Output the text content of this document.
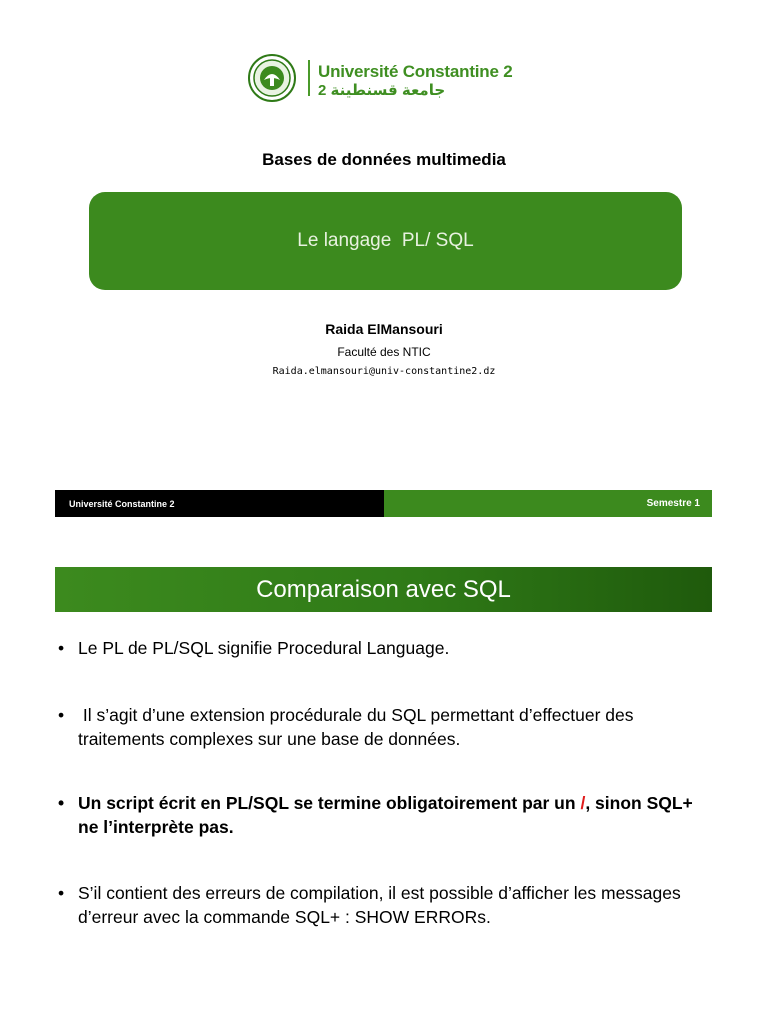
Université Constantine 2
جامعة قسنطينة 2
Bases de données multimedia
Le langage  PL/ SQL
Raida ElMansouri
Faculté des NTIC
Raida.elmansouri@univ-constantine2.dz
Université Constantine 2	Semestre 1
Comparaison avec SQL
• Le PL de PL/SQL signifie Procedural Language.
• Il s’agit d’une extension procédurale du SQL permettant d’effectuer des traitements complexes sur une base de données.
• Un script écrit en PL/SQL se termine obligatoirement par un /, sinon SQL+ ne l’interprète pas.
• S’il contient des erreurs de compilation, il est possible d’afficher les messages d’erreur avec la commande SQL+ : SHOW ERRORs.
